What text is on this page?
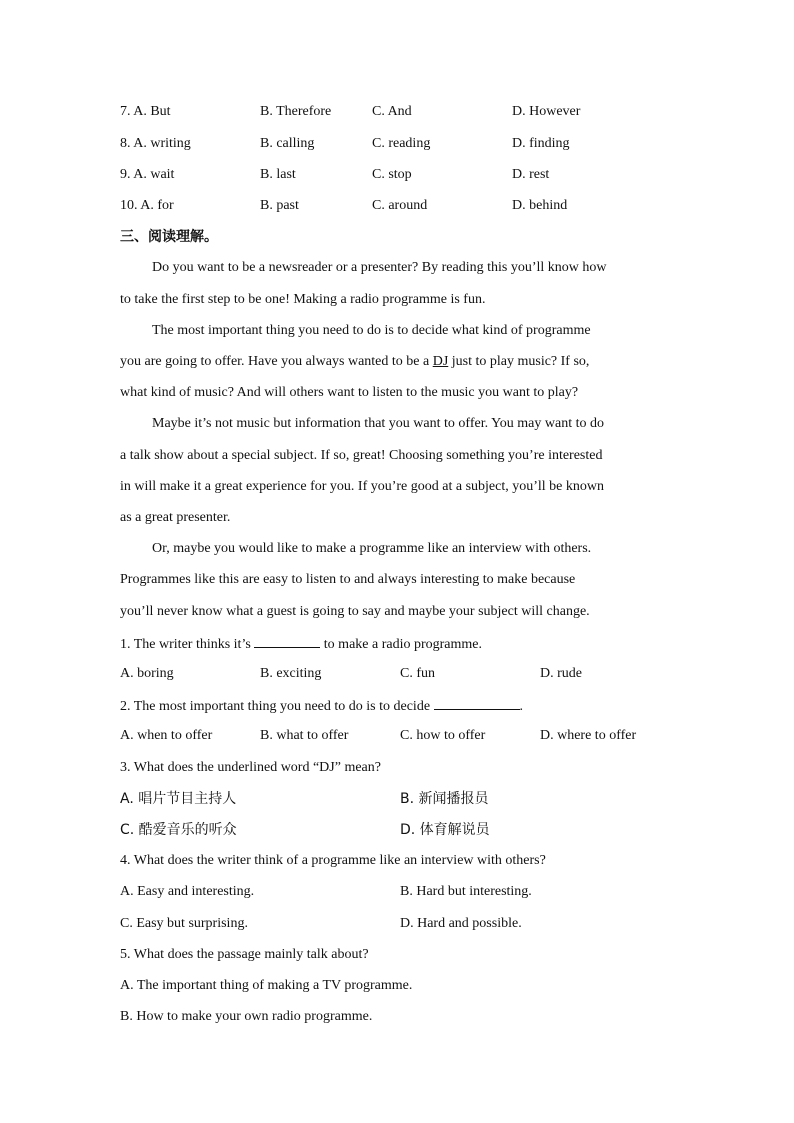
7. A. But	B. Therefore	C. And	D. However
8. A. writing	B. calling	C. reading	D. finding
9. A. wait	B. last	C. stop	D. rest
10. A. for	B. past	C. around	D. behind
三、阅读理解。
Do you want to be a newsreader or a presenter? By reading this you’ll know how
to take the first step to be one! Making a radio programme is fun.
The most important thing you need to do is to decide what kind of programme
you are going to offer. Have you always wanted to be a DJ just to play music? If so,
what kind of music? And will others want to listen to the music you want to play?
Maybe it’s not music but information that you want to offer. You may want to do
a talk show about a special subject. If so, great! Choosing something you’re interested
in will make it a great experience for you. If you’re good at a subject, you’ll be known
as a great presenter.
Or, maybe you would like to make a programme like an interview with others.
Programmes like this are easy to listen to and always interesting to make because
you’ll never know what a guest is going to say and maybe your subject will change.
1. The writer thinks it’s	to make a radio programme.
A. boring	B. exciting	C. fun	D. rude
2. The most important thing you need to do is to decide	.
A. when to offer	B. what to offer	C. how to offer	D. where to offer
3. What does the underlined word “DJ” mean?
A. 唱片节目主持人	B. 新闻播报员
C. 酷爱音乐的听众	D. 体育解说员
4. What does the writer think of a programme like an interview with others?
A. Easy and interesting.	B. Hard but interesting.
C. Easy but surprising.	D. Hard and possible.
5. What does the passage mainly talk about?
A. The important thing of making a TV programme.
B. How to make your own radio programme.
